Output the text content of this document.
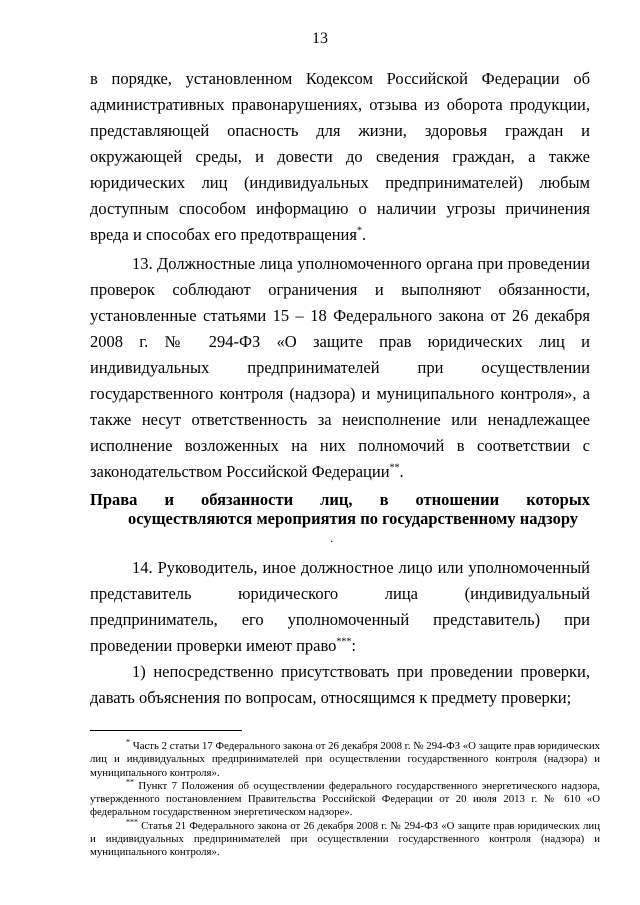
13

в порядке, установленном Кодексом Российской Федерации об административных правонарушениях, отзыва из оборота продукции, представляющей опасность для жизни, здоровья граждан и окружающей среды, и довести до сведения граждан, а также юридических лиц (индивидуальных предпринимателей) любым доступным способом информацию о наличии угрозы причинения вреда и способах его предотвращения*.

13. Должностные лица уполномоченного органа при проведении проверок соблюдают ограничения и выполняют обязанности, установленные статьями 15 – 18 Федерального закона от 26 декабря 2008 г. № 294-ФЗ «О защите прав юридических лиц и индивидуальных предпринимателей при осуществлении государственного контроля (надзора) и муниципального контроля», а также несут ответственность за неисполнение или ненадлежащее исполнение возложенных на них полномочий в соответствии с законодательством Российской Федерации**.

Права и обязанности лиц, в отношении которых
осуществляются мероприятия по государственному надзору
·

14. Руководитель, иное должностное лицо или уполномоченный представитель юридического лица (индивидуальный предприниматель, его уполномоченный представитель) при проведении проверки имеют право***:

1) непосредственно присутствовать при проведении проверки, давать объяснения по вопросам, относящимся к предмету проверки;

* Часть 2 статьи 17 Федерального закона от 26 декабря 2008 г. № 294-ФЗ «О защите прав юридических лиц и индивидуальных предпринимателей при осуществлении государственного контроля (надзора) и муниципального контроля».

** Пункт 7 Положения об осуществлении федерального государственного энергетического надзора, утвержденного постановлением Правительства Российской Федерации от 20 июля 2013 г. № 610 «О федеральном государственном энергетическом надзоре».

*** Статья 21 Федерального закона от 26 декабря 2008 г. № 294-ФЗ «О защите прав юридических лиц и индивидуальных предпринимателей при осуществлении государственного контроля (надзора) и муниципального контроля».
